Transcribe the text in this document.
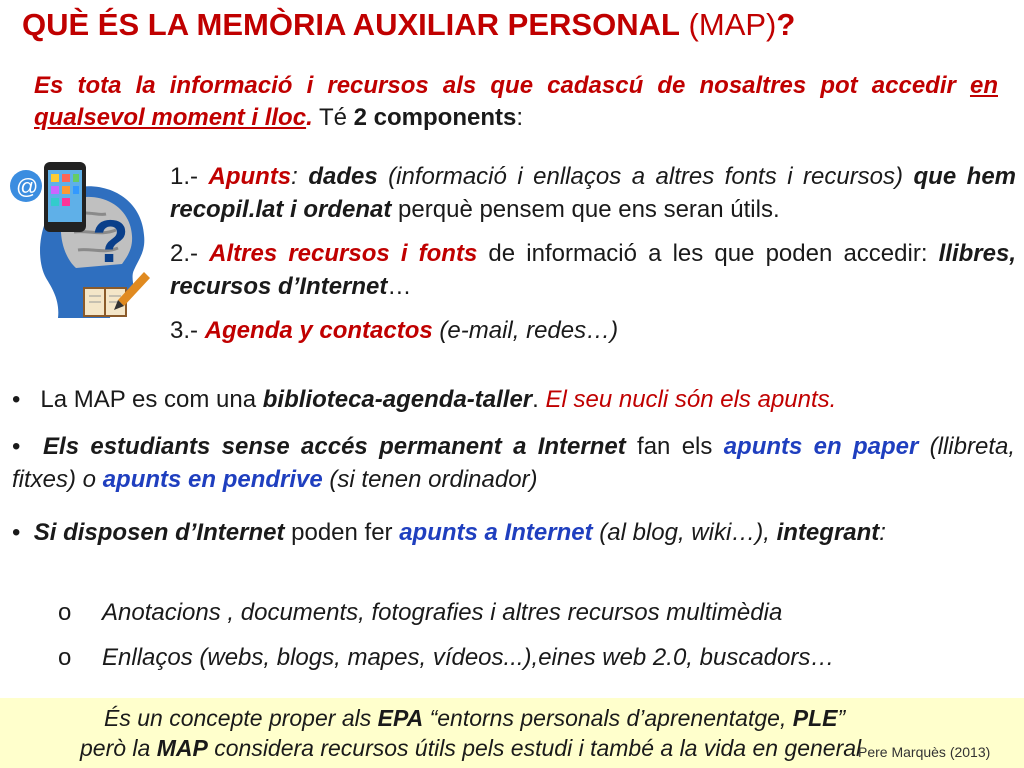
QUÈ ÉS LA MEMÒRIA AUXILIAR PERSONAL (MAP)?
Es tota la informació i recursos als que cadascú de nosaltres pot accedir en qualsevol moment i lloc. Té 2 components:
?
@	1.- Apunts: dades (informació i enllaços a altres fonts i recursos) que hem recopil.lat i ordenat perquè pensem que ens seran útils.
2.- Altres recursos i fonts de informació a les que poden accedir: llibres, recursos d’Internet…
3.- Agenda y contactos (e-mail, redes…)
•   La MAP es com una biblioteca-agenda-taller. El seu nucli són els apunts.
•  Els estudiants sense accés permanent a Internet fan els apunts en paper (llibreta, fitxes) o apunts en pendrive (si tenen ordinador)
•  Si disposen d’Internet poden fer apunts a Internet (al blog, wiki…), integrant:
o Anotacions , documents, fotografies i altres recursos multimèdia
o Enllaços (webs, blogs, mapes, vídeos...),eines web 2.0, buscadors…
És un concepte proper als EPA “entorns personals d’aprenentatge, PLE”
però la MAP considera recursos útils pels estudi i també a la vida en general
Pere Marquès (2013)
